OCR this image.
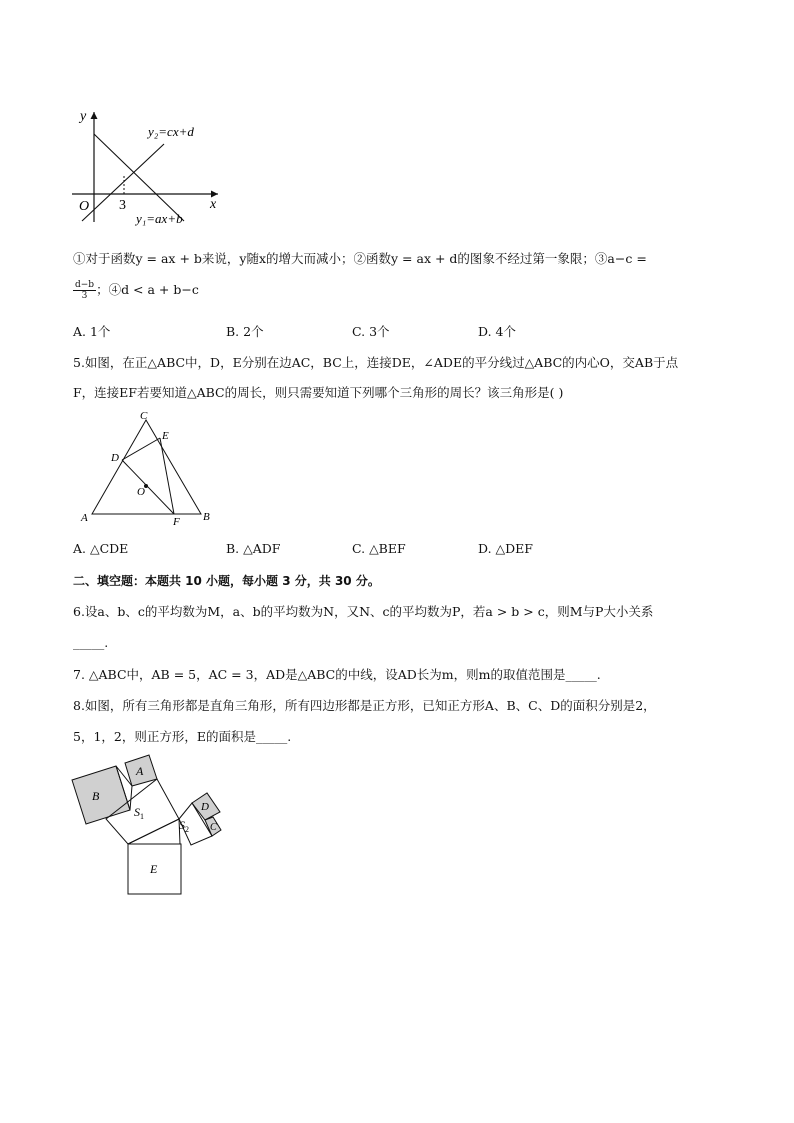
y
x
O 3
y₂=cx+d
y₁=ax+b
①对于函数y = ax + b来说，y随x的增大而减小；②函数y = ax + d的图象不经过第一象限；③a−c =
$\frac{d-b}{3}$ ；④d < a + b−c
A. 1个	B. 2个	C. 3个	D. 4个
5.如图，在正△ABC中，D，E分别在边AC，BC上，连接DE，∠ADE的平分线过△ABC的内心O，交AB于点
F，连接EF若要知道△ABC的周长，则只需要知道下列哪个三角形的周长？该三角形是( )
C
E
D
O
A	F B
A. △CDE	B. △ADF	C. △BEF	D. △DEF
二、填空题：本题共 10 小题，每小题 3 分，共 30 分。
6.设a、b、c的平均数为M，a、b的平均数为N，又N、c的平均数为P，若a > b > c，则M与P大小关系
_____.
7. △ABC中，AB = 5，AC = 3，AD是△ABC的中线，设AD长为m，则m的取值范围是_____.
8.如图，所有三角形都是直角三角形，所有四边形都是正方形，已知正方形A、B、C、D的面积分别是2，
5，1，2，则正方形，E的面积是_____.
B
A
$S_1$
$S_2$
D
C
E
